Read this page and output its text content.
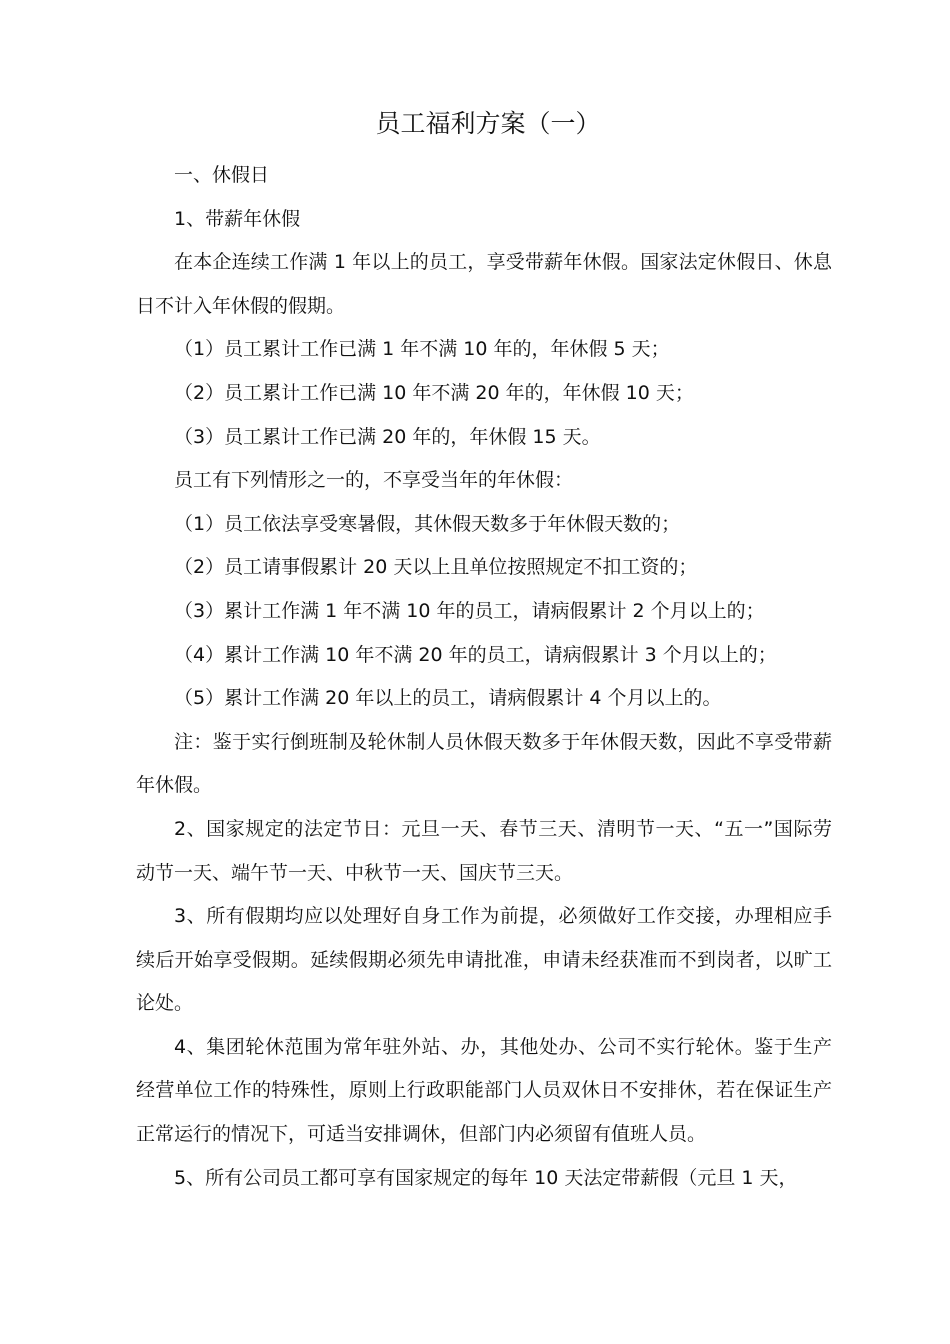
员工福利方案（一）

一、休假日

1、带薪年休假

在本企连续工作满 1 年以上的员工，享受带薪年休假。国家法定休假日、休息日不计入年休假的假期。

（1）员工累计工作已满 1 年不满 10 年的，年休假 5 天；

（2）员工累计工作已满 10 年不满 20 年的，年休假 10 天；

（3）员工累计工作已满 20 年的，年休假 15 天。

员工有下列情形之一的，不享受当年的年休假：

（1）员工依法享受寒暑假，其休假天数多于年休假天数的；

（2）员工请事假累计 20 天以上且单位按照规定不扣工资的；

（3）累计工作满 1 年不满 10 年的员工，请病假累计 2 个月以上的；

（4）累计工作满 10 年不满 20 年的员工，请病假累计 3 个月以上的；

（5）累计工作满 20 年以上的员工，请病假累计 4 个月以上的。

注：鉴于实行倒班制及轮休制人员休假天数多于年休假天数，因此不享受带薪年休假。

2、国家规定的法定节日：元旦一天、春节三天、清明节一天、“五一”国际劳动节一天、端午节一天、中秋节一天、国庆节三天。

3、所有假期均应以处理好自身工作为前提，必须做好工作交接，办理相应手续后开始享受假期。延续假期必须先申请批准，申请未经获准而不到岗者，以旷工论处。

4、集团轮休范围为常年驻外站、办，其他处办、公司不实行轮休。鉴于生产经营单位工作的特殊性，原则上行政职能部门人员双休日不安排休，若在保证生产正常运行的情况下，可适当安排调休，但部门内必须留有值班人员。

5、所有公司员工都可享有国家规定的每年 10 天法定带薪假（元旦 1 天，
